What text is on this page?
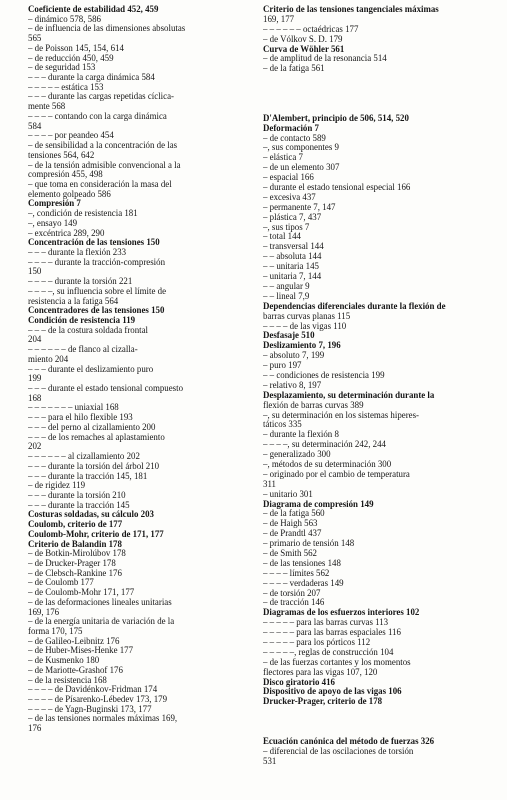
Coeficiente de estabilidad 452, 459
– dinámico 578, 586
– de influencia de las dimensiones absolutas
565
– de Poisson 145, 154, 614
– de reducción 450, 459
– de seguridad 153
– – – durante la carga dinámica 584
– – – – – estática 153
– – – durante las cargas repetidas cíclica-
mente 568
– – – – contando con la carga dinámica
584
– – – – por peandeo 454
– de sensibilidad a la concentración de las
tensiones 564, 642
– de la tensión admisible convencional a la
compresión 455, 498
– que toma en consideración la masa del
elemento golpeado 586
Compresión 7
–, condición de resistencia 181
–, ensayo 149
– excéntrica 289, 290
Concentración de las tensiones 150
– – – durante la flexión 233
– – – – durante la tracción-compresión
150
– – – – durante la torsión 221
– – – –, su influencia sobre el límite de
resistencia a la fatiga 564
Concentradores de las tensiones 150
Condición de resistencia 119
– – – de la costura soldada frontal
204
– – – – – – de flanco al cizalla-
miento 204
– – – durante el deslizamiento puro
199
– – – durante el estado tensional compuesto
168
– – – – – – – uniaxial 168
– – – para el hilo flexible 193
– – – del perno al cizallamiento 200
– – – de los remaches al aplastamiento
202
– – – – – – al cizallamiento 202
– – – durante la torsión del árbol 210
– – – durante la tracción 145, 181
– de rigidez 119
– – – durante la torsión 210
– – – durante la tracción 145
Costuras soldadas, su cálculo 203
Coulomb, criterio de 177
Coulomb-Mohr, criterio de 171, 177
Criterio de Balandin 178
– de Botkin-Mirolúbov 178
– de Drucker-Prager 178
– de Clebsch-Rankine 176
– de Coulomb 177
– de Coulomb-Mohr 171, 177
– de las deformaciones lineales unitarias
169, 176
– de la energía unitaria de variación de la
forma 170, 175
– de Galileo-Leibnitz 176
– de Huber-Mises-Henke 177
– de Kusmenko 180
– de Mariotte-Grashof 176
– de la resistencia 168
– – – – de Davidénkov-Fridman 174
– – – – de Písarenko-Lébedev 173, 179
– – – – de Yagn-Buginski 173, 177
– de las tensiones normales máximas 169,
176
Criterio de las tensiones tangenciales máximas
169, 177
– – – – – – octaédricas 177
– de Vólkov S. D. 179
Curva de Wöhler 561
– de amplitud de la resonancia 514
– de la fatiga 561
D'Alembert, principio de 506, 514, 520
Deformación 7
– de contacto 589
–, sus componentes 9
– elástica 7
– de un elemento 307
– espacial 166
– durante el estado tensional especial 166
– excesiva 437
– permanente 7, 147
– plástica 7, 437
–, sus tipos 7
– total 144
– transversal 144
– – absoluta 144
– – unitaria 145
– unitaria 7, 144
– – angular 9
– – lineal 7,9
Dependencias diferenciales durante la flexión de
barras curvas planas 115
– – – – de las vigas 110
Desfasaje 510
Deslizamiento 7, 196
– absoluto 7, 199
– puro 197
– – condiciones de resistencia 199
– relativo 8, 197
Desplazamiento, su determinación durante la
flexión de barras curvas 389
–, su determinación en los sistemas hiperes-
táticos 335
– durante la flexión 8
– – – –, su determinación 242, 244
– generalizado 300
–, métodos de su determinación 300
– originado por el cambio de temperatura
311
– unitario 301
Diagrama de compresión 149
– de la fatiga 560
– de Haigh 563
– de Prandtl 437
– primario de tensión 148
– de Smith 562
– de las tensiones 148
– – – – límites 562
– – – – verdaderas 149
– de torsión 207
– de tracción 146
Diagramas de los esfuerzos interiores 102
– – – – – para las barras curvas 113
– – – – – para las barras espaciales 116
– – – – – para los pórticos 112
– – – – –, reglas de construcción 104
– de las fuerzas cortantes y los momentos
flectores para las vigas 107, 120
Disco giratorio 416
Dispositivo de apoyo de las vigas 106
Drucker-Prager, criterio de 178
Ecuación canónica del método de fuerzas 326
– diferencial de las oscilaciones de torsión
531
